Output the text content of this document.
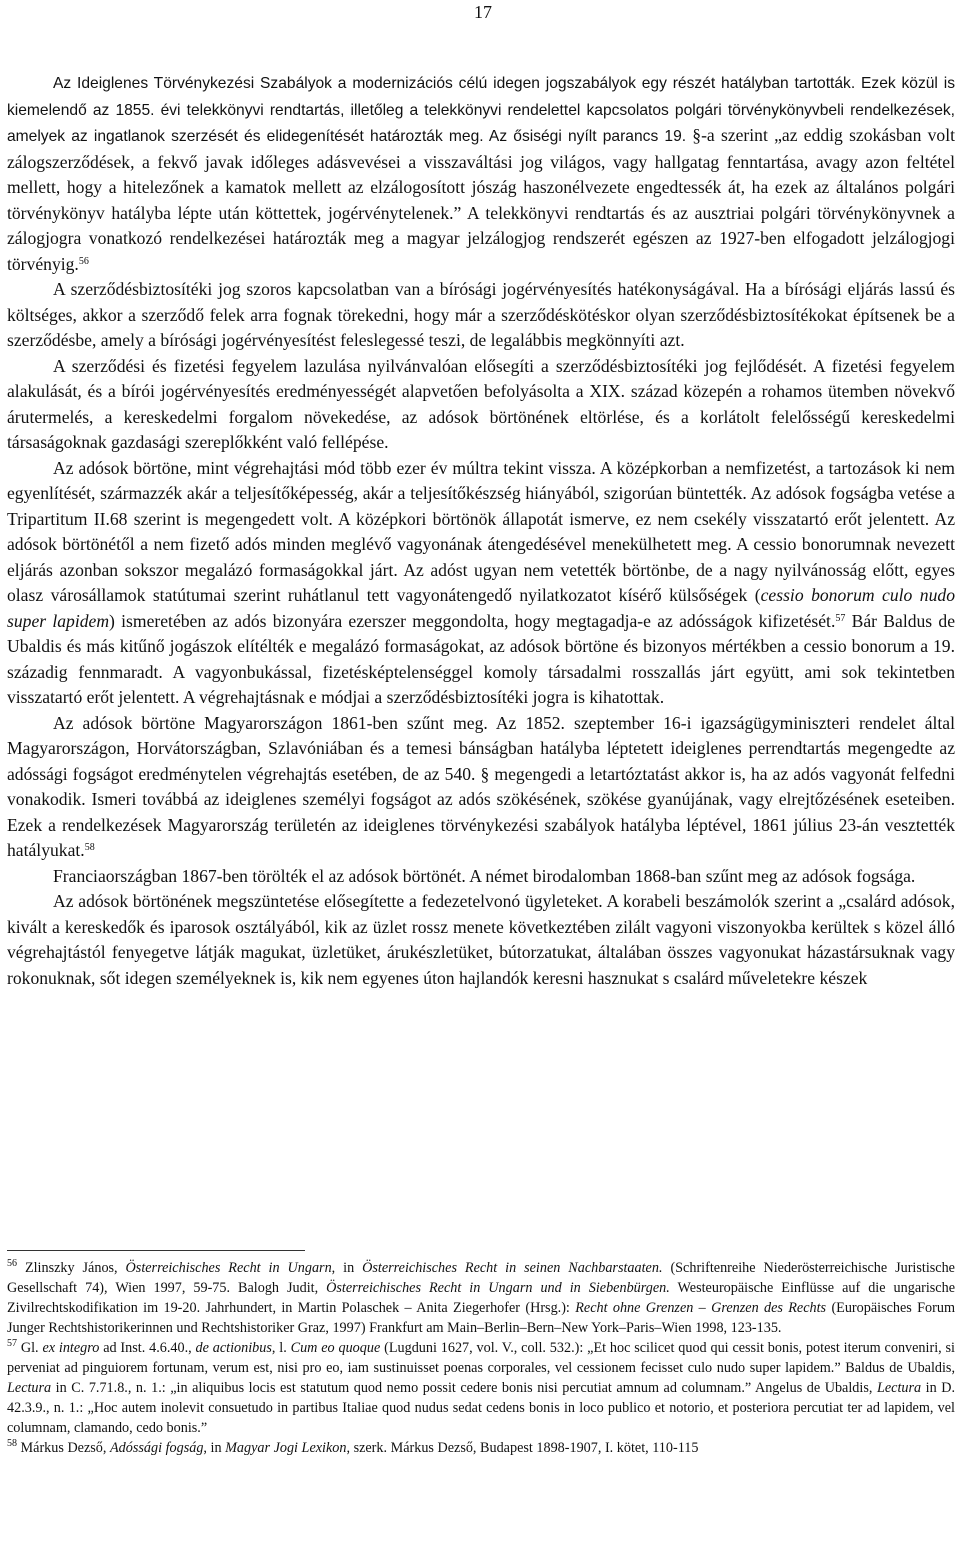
17

Az Ideiglenes Törvénykezési Szabályok a modernizációs célú idegen jogszabályok egy részét hatályban tartották. Ezek közül is kiemelendő az 1855. évi telekkönyvi rendtartás, illetőleg a telekkönyvi rendelettel kapcsolatos polgári törvénykönyvbeli rendelkezések, amelyek az ingatlanok szerzését és elidegenítését határozták meg. Az ősiségi nyílt parancs 19. §-a szerint „az eddig szokásban volt zálogszerződések, a fekvő javak időleges adásvevései a visszaváltási jog világos, vagy hallgatag fenntartása, avagy azon feltétel mellett, hogy a hitelezőnek a kamatok mellett az elzálogosított jószág haszonélvezete engedtessék át, ha ezek az általános polgári törvénykönyv hatályba lépte után köttettek, jogérvénytelenek.” A telekkönyvi rendtartás és az ausztriai polgári törvénykönyvnek a zálogjogra vonatkozó rendelkezései határozták meg a magyar jelzálogjog rendszerét egészen az 1927-ben elfogadott jelzálogjogi törvényig.$^{56}$

A szerződésbiztosítéki jog szoros kapcsolatban van a bírósági jogérvényesítés hatékonyságával. Ha a bírósági eljárás lassú és költséges, akkor a szerződő felek arra fognak törekedni, hogy már a szerződéskötéskor olyan szerződésbiztosítékokat építsenek be a szerződésbe, amely a bírósági jogérvényesítést feleslegessé teszi, de legalábbis megkönnyíti azt.

A szerződési és fizetési fegyelem lazulása nyilvánvalóan elősegíti a szerződésbiztosítéki jog fejlődését. A fizetési fegyelem alakulását, és a bírói jogérvényesítés eredményességét alapvetően befolyásolta a XIX. század közepén a rohamos ütemben növekvő árutermelés, a kereskedelmi forgalom növekedése, az adósok börtönének eltörlése, és a korlátolt felelősségű kereskedelmi társaságoknak gazdasági szereplőkként való fellépése.

Az adósok börtöne, mint végrehajtási mód több ezer év múltra tekint vissza. A középkorban a nemfizetést, a tartozások ki nem egyenlítését, származzék akár a teljesítőképesség, akár a teljesítőkészség hiányából, szigorúan büntették. Az adósok fogságba vetése a Tripartitum II.68 szerint is megengedett volt. A középkori börtönök állapotát ismerve, ez nem csekély visszatartó erőt jelentett. Az adósok börtönétől a nem fizető adós minden meglévő vagyonának átengedésével menekülhetett meg. A cessio bonorumnak nevezett eljárás azonban sokszor megalázó formaságokkal járt. Az adóst ugyan nem vetették börtönbe, de a nagy nyilvánosság előtt, egyes olasz városállamok statútumai szerint ruhátlanul tett vagyonátengedő nyilatkozatot kísérő külsőségek (cessio bonorum culo nudo super lapidem) ismeretében az adós bizonyára ezerszer meggondolta, hogy megtagadja-e az adósságok kifizetését.$^{57}$ Bár Baldus de Ubaldis és más kitűnő jogászok elítélték e megalázó formaságokat, az adósok börtöne és bizonyos mértékben a cessio bonorum a 19. századig fennmaradt. A vagyonbukással, fizetésképtelenséggel komoly társadalmi rosszallás járt együtt, ami sok tekintetben visszatartó erőt jelentett. A végrehajtásnak e módjai a szerződésbiztosítéki jogra is kihatottak.

Az adósok börtöne Magyarországon 1861-ben szűnt meg. Az 1852. szeptember 16-i igazságügyminiszteri rendelet által Magyarországon, Horvátországban, Szlavóniában és a temesi bánságban hatályba léptetett ideiglenes perrendtartás megengedte az adóssági fogságot eredménytelen végrehajtás esetében, de az 540. § megengedi a letartóztatást akkor is, ha az adós vagyonát felfedni vonakodik. Ismeri továbbá az ideiglenes személyi fogságot az adós szökésének, szökése gyanújának, vagy elrejtőzésének eseteiben. Ezek a rendelkezések Magyarország területén az ideiglenes törvénykezési szabályok hatályba léptével, 1861 július 23-án vesztették hatályukat.$^{58}$

Franciaországban 1867-ben törölték el az adósok börtönét. A német birodalomban 1868-ban szűnt meg az adósok fogsága.

Az adósok börtönének megszüntetése elősegítette a fedezetelvonó ügyleteket. A korabeli beszámolók szerint a „csalárd adósok, kivált a kereskedők és iparosok osztályából, kik az üzlet rossz menete következtében zilált vagyoni viszonyokba kerültek s közel álló végrehajtástól fenyegetve látják magukat, üzletüket, árukészletüket, bútorzatukat, általában összes vagyonukat házastársuknak vagy rokonuknak, sőt idegen személyeknek is, kik nem egyenes úton hajlandók keresni hasznukat s csalárd műveletekre készek

$^{56}$ Zlinszky János, Österreichisches Recht in Ungarn, in Österreichisches Recht in seinen Nachbarstaaten. (Schriftenreihe Niederösterreichische Juristische Gesellschaft 74), Wien 1997, 59-75. Balogh Judit, Österreichisches Recht in Ungarn und in Siebenbürgen. Westeuropäische Einflüsse auf die ungarische Zivilrechtskodifikation im 19-20. Jahrhundert, in Martin Polaschek – Anita Ziegerhofer (Hrsg.): Recht ohne Grenzen – Grenzen des Rechts (Europäisches Forum Junger Rechtshistorikerinnen und Rechtshistoriker Graz, 1997) Frankfurt am Main–Berlin–Bern–New York–Paris–Wien 1998, 123-135.

$^{57}$ Gl. ex integro ad Inst. 4.6.40., de actionibus, l. Cum eo quoque (Lugduni 1627, vol. V., coll. 532.): „Et hoc scilicet quod qui cessit bonis, potest iterum conveniri, si perveniat ad pinguiorem fortunam, verum est, nisi pro eo, iam sustinuisset poenas corporales, vel cessionem fecisset culo nudo super lapidem.” Baldus de Ubaldis, Lectura in C. 7.71.8., n. 1.: „in aliquibus locis est statutum quod nemo possit cedere bonis nisi percutiat amnum ad columnam.” Angelus de Ubaldis, Lectura in D. 42.3.9., n. 1.: „Hoc autem inolevit consuetudo in partibus Italiae quod nudus sedat cedens bonis in loco publico et notorio, et posteriora percutiat ter ad lapidem, vel columnam, clamando, cedo bonis.”

$^{58}$ Márkus Dezső, Adóssági fogság, in Magyar Jogi Lexikon, szerk. Márkus Dezső, Budapest 1898-1907, I. kötet, 110-115
